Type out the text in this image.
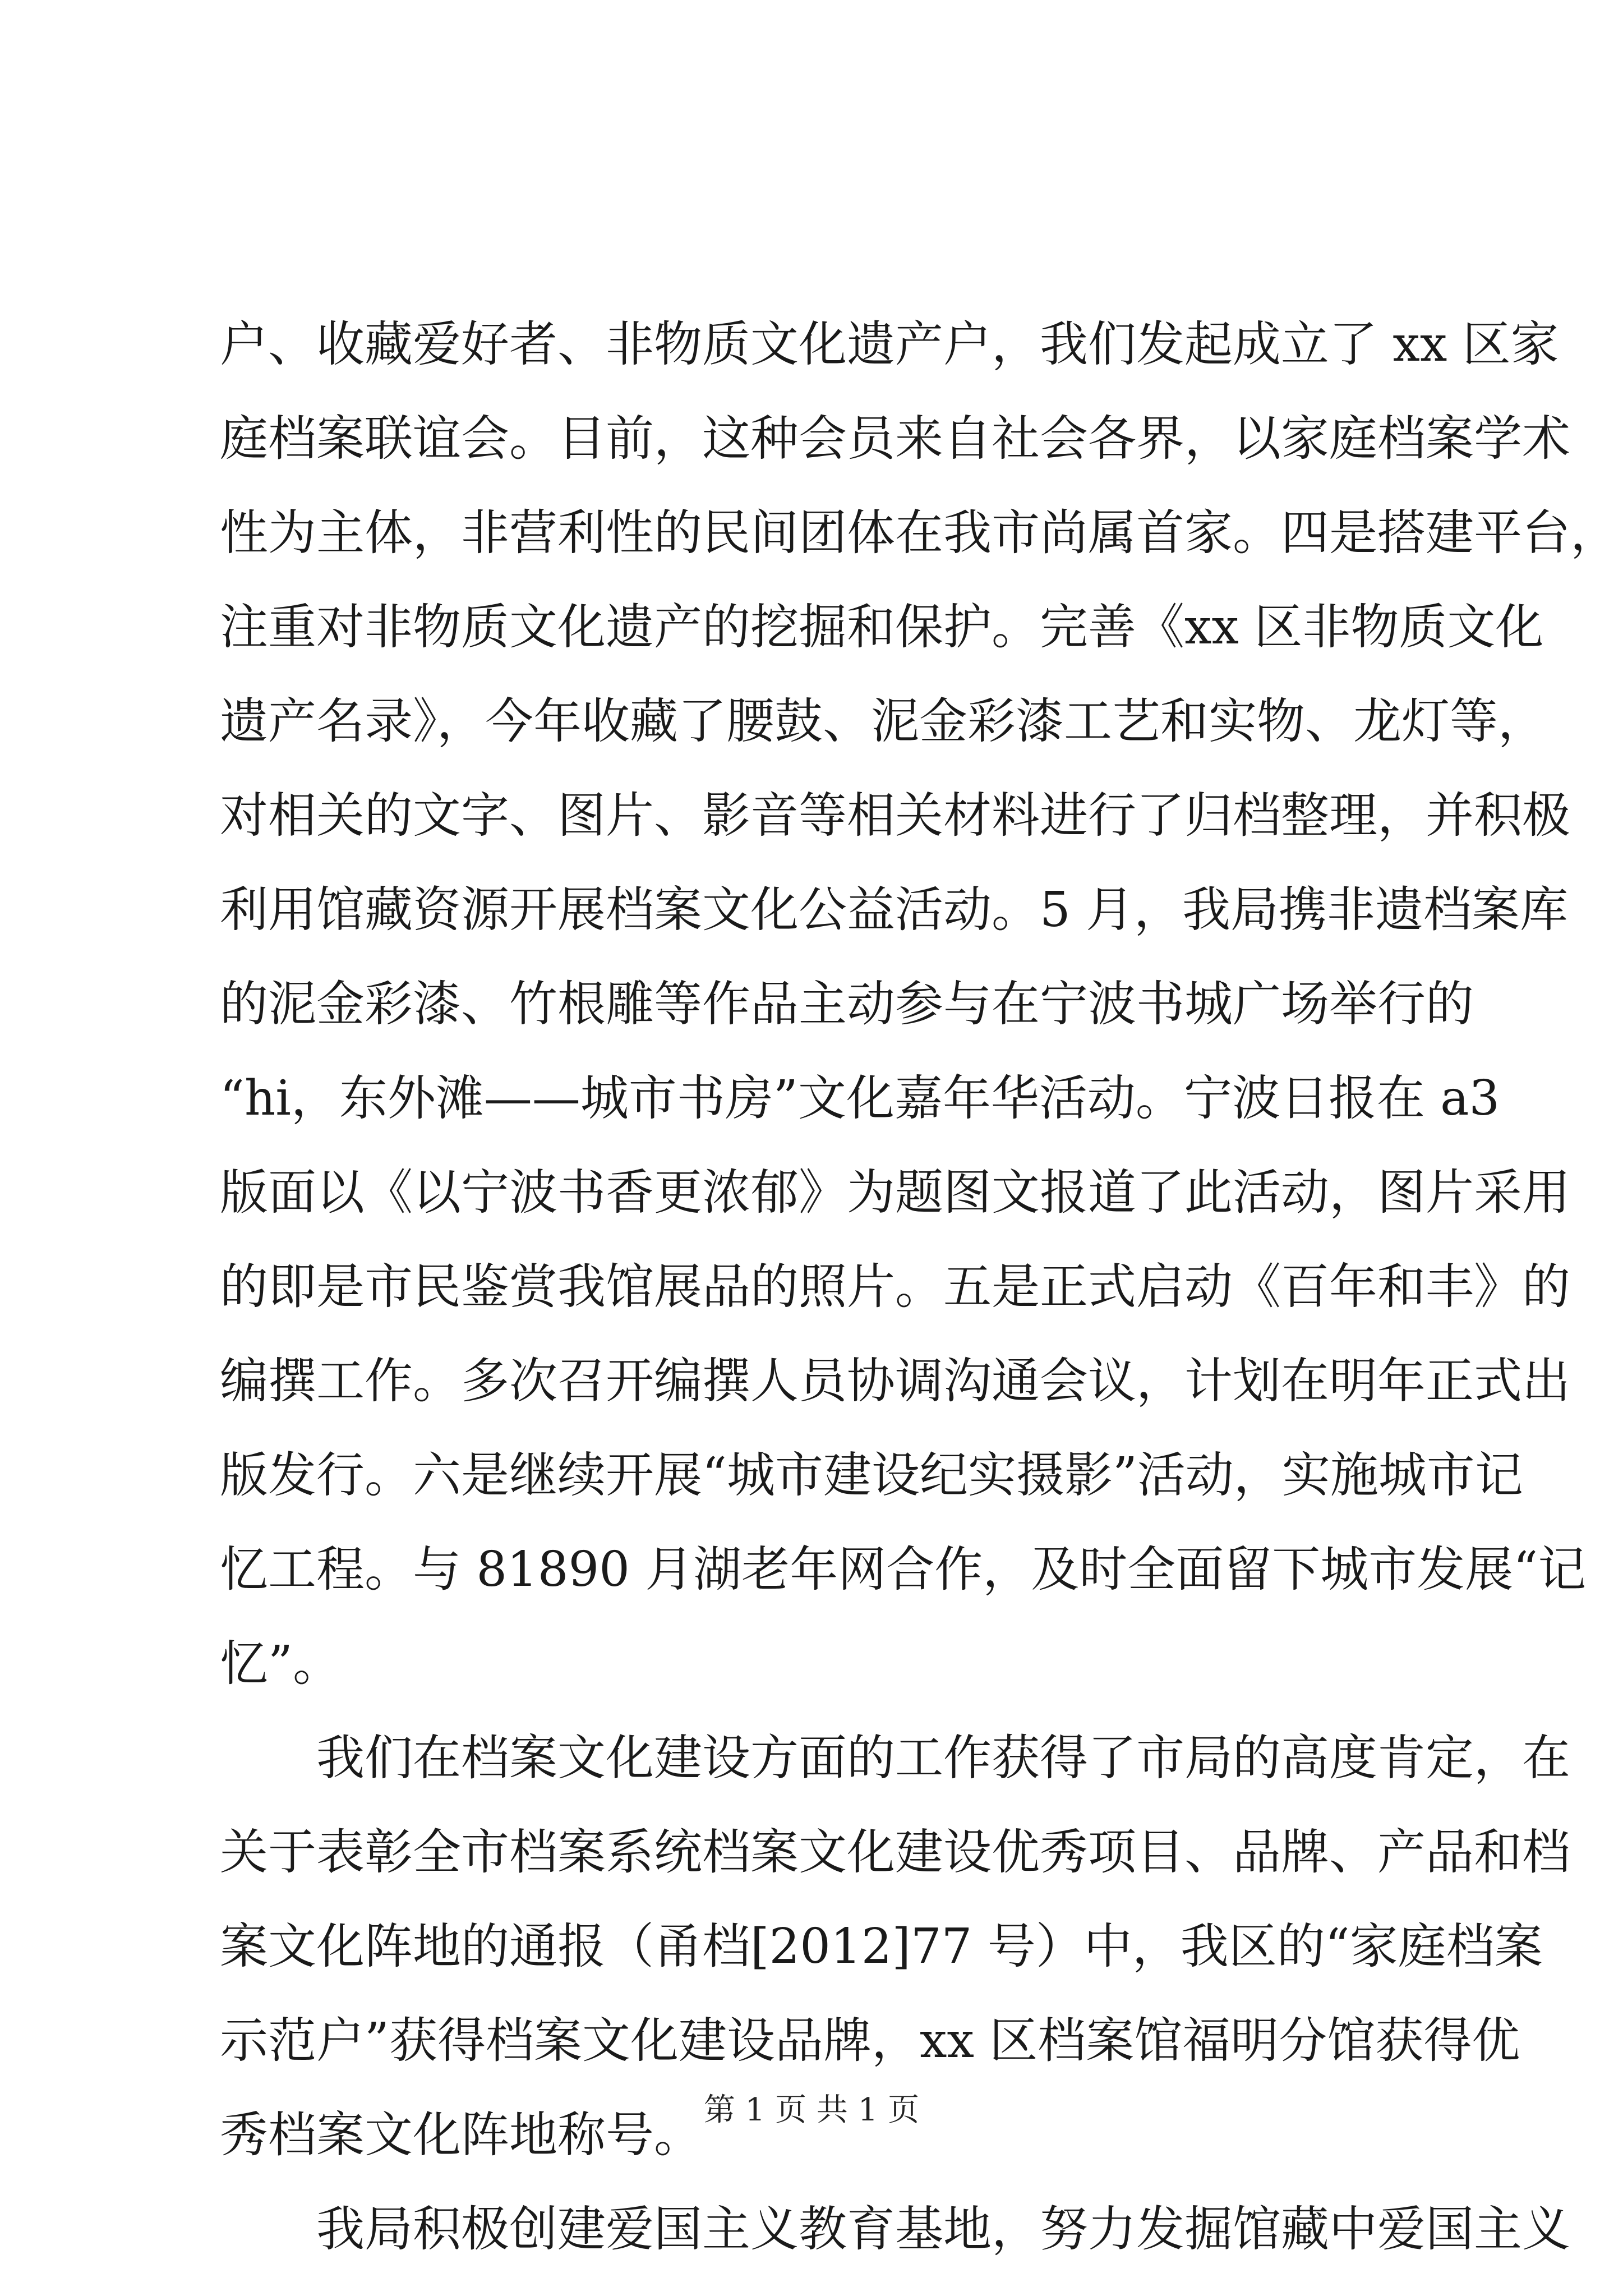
户、收藏爱好者、非物质文化遗产户，我们发起成立了 xx 区家
庭档案联谊会。目前，这种会员来自社会各界，以家庭档案学术
性为主体，非营利性的民间团体在我市尚属首家。四是搭建平台，
注重对非物质文化遗产的挖掘和保护。完善《xx 区非物质文化
遗产名录》，今年收藏了腰鼓、泥金彩漆工艺和实物、龙灯等，
对相关的文字、图片、影音等相关材料进行了归档整理，并积极
利用馆藏资源开展档案文化公益活动。5 月，我局携非遗档案库
的泥金彩漆、竹根雕等作品主动参与在宁波书城广场举行的
“hi，东外滩——城市书房”文化嘉年华活动。宁波日报在 a3
版面以《以宁波书香更浓郁》为题图文报道了此活动，图片采用
的即是市民鉴赏我馆展品的照片。五是正式启动《百年和丰》的
编撰工作。多次召开编撰人员协调沟通会议，计划在明年正式出
版发行。六是继续开展“城市建设纪实摄影”活动，实施城市记
忆工程。与 81890 月湖老年网合作，及时全面留下城市发展“记
忆”。
　　我们在档案文化建设方面的工作获得了市局的高度肯定，在
关于表彰全市档案系统档案文化建设优秀项目、品牌、产品和档
案文化阵地的通报（甬档[2012]77 号）中，我区的“家庭档案
示范户”获得档案文化建设品牌，xx 区档案馆福明分馆获得优
秀档案文化阵地称号。
　　我局积极创建爱国主义教育基地，努力发掘馆藏中爱国主义
第 1 页 共 1 页
